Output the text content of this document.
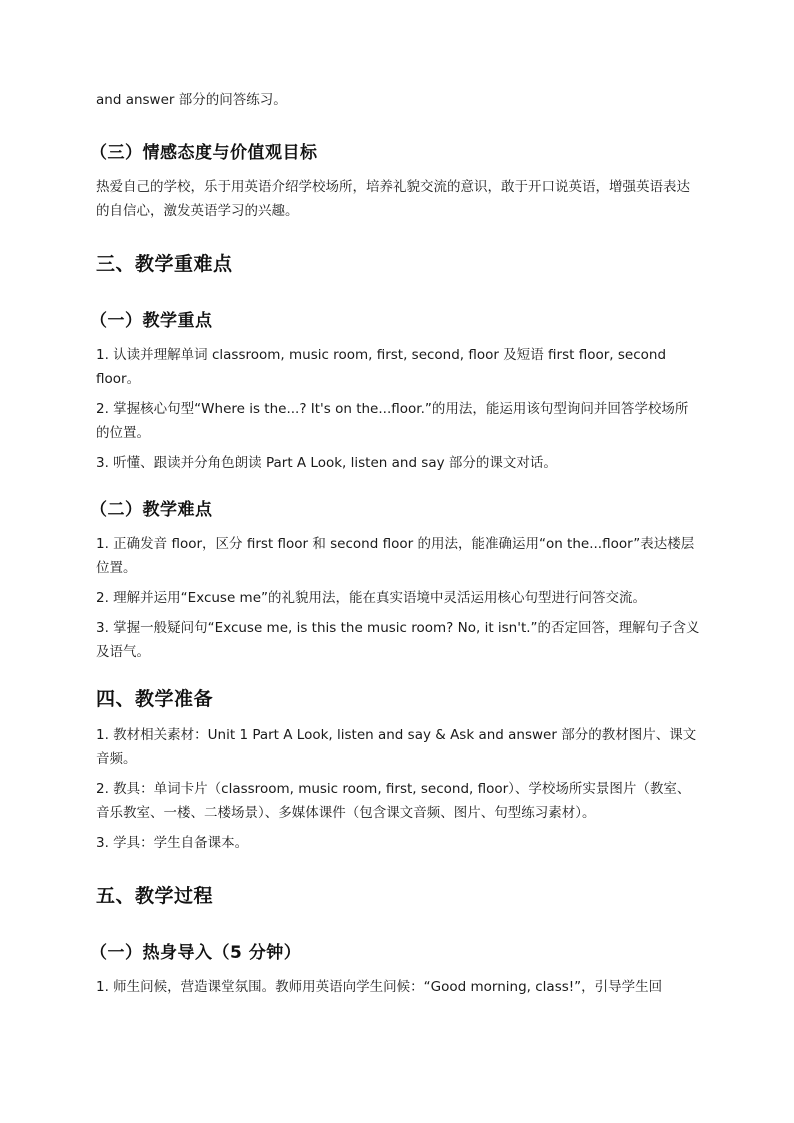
and answer 部分的问答练习。

（三）情感态度与价值观目标

热爱自己的学校，乐于用英语介绍学校场所，培养礼貌交流的意识，敢于开口说英语，增强英语表达的自信心，激发英语学习的兴趣。

三、教学重难点
（一）教学重点

1. 认读并理解单词 classroom, music room, first, second, floor 及短语 first floor, second floor。

2. 掌握核心句型“Where is the...? It's on the...floor.”的用法，能运用该句型询问并回答学校场所的位置。

3. 听懂、跟读并分角色朗读 Part A Look, listen and say 部分的课文对话。

（二）教学难点

1. 正确发音 floor，区分 first floor 和 second floor 的用法，能准确运用“on the...floor”表达楼层位置。

2. 理解并运用“Excuse me”的礼貌用法，能在真实语境中灵活运用核心句型进行问答交流。

3. 掌握一般疑问句“Excuse me, is this the music room? No, it isn't.”的否定回答，理解句子含义及语气。

四、教学准备

1. 教材相关素材：Unit 1 Part A Look, listen and say & Ask and answer 部分的教材图片、课文音频。

2. 教具：单词卡片（classroom, music room, first, second, floor）、学校场所实景图片（教室、音乐教室、一楼、二楼场景）、多媒体课件（包含课文音频、图片、句型练习素材）。

3. 学具：学生自备课本。

五、教学过程
（一）热身导入（5 分钟）

1. 师生问候，营造课堂氛围。教师用英语向学生问候：“Good morning, class!”，引导学生回
